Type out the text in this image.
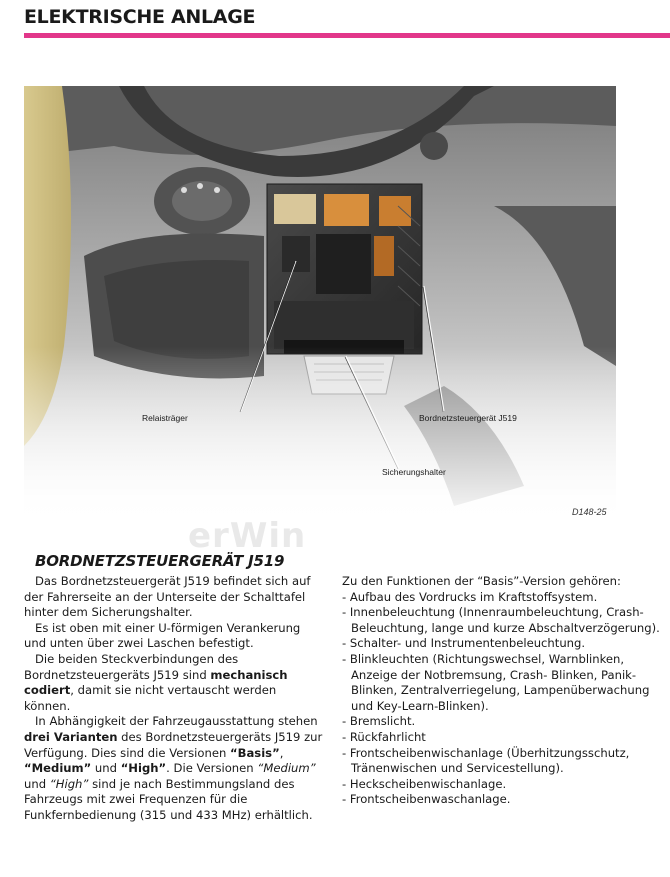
ELEKTRISCHE ANLAGE
Relaisträger	Bordnetzsteuergerät J519
Sicherungshalter
D148-25
erWin
BORDNETZSTEUERGERÄT J519

Das Bordnetzsteuergerät J519 befindet sich auf der Fahrerseite an der Unterseite der Schalttafel hinter dem Sicherungshalter.

Es ist oben mit einer U-förmigen Verankerung und unten über zwei Laschen befestigt.

Die beiden Steckverbindungen des Bordnetzsteuergeräts J519 sind mechanisch codiert, damit sie nicht vertauscht werden können.

In Abhängigkeit der Fahrzeugausstattung stehen drei Varianten des Bordnetzsteuergeräts J519 zur Verfügung. Dies sind die Versionen “Basis”, “Medium” und “High”. Die Versionen “Medium” und “High” sind je nach Bestimmungsland des Fahrzeugs mit zwei Frequenzen für die Funkfernbedienung (315 und 433 MHz) erhältlich.

Zu den Funktionen der “Basis”-Version gehören:

- Aufbau des Vordrucks im Kraftstoffsystem.
- Innenbeleuchtung (Innenraumbeleuchtung, Crash-Beleuchtung, lange und kurze Abschaltverzögerung).
- Schalter- und Instrumentenbeleuchtung.
- Blinkleuchten (Richtungswechsel, Warnblinken, Anzeige der Notbremsung, Crash- Blinken, Panik-Blinken, Zentralverriegelung, Lampenüberwachung und Key-Learn-Blinken).
- Bremslicht.
- Rückfahrlicht
- Frontscheibenwischanlage (Überhitzungsschutz, Tränenwischen und Servicestellung).
- Heckscheibenwischanlage.
- Frontscheibenwaschanlage.
